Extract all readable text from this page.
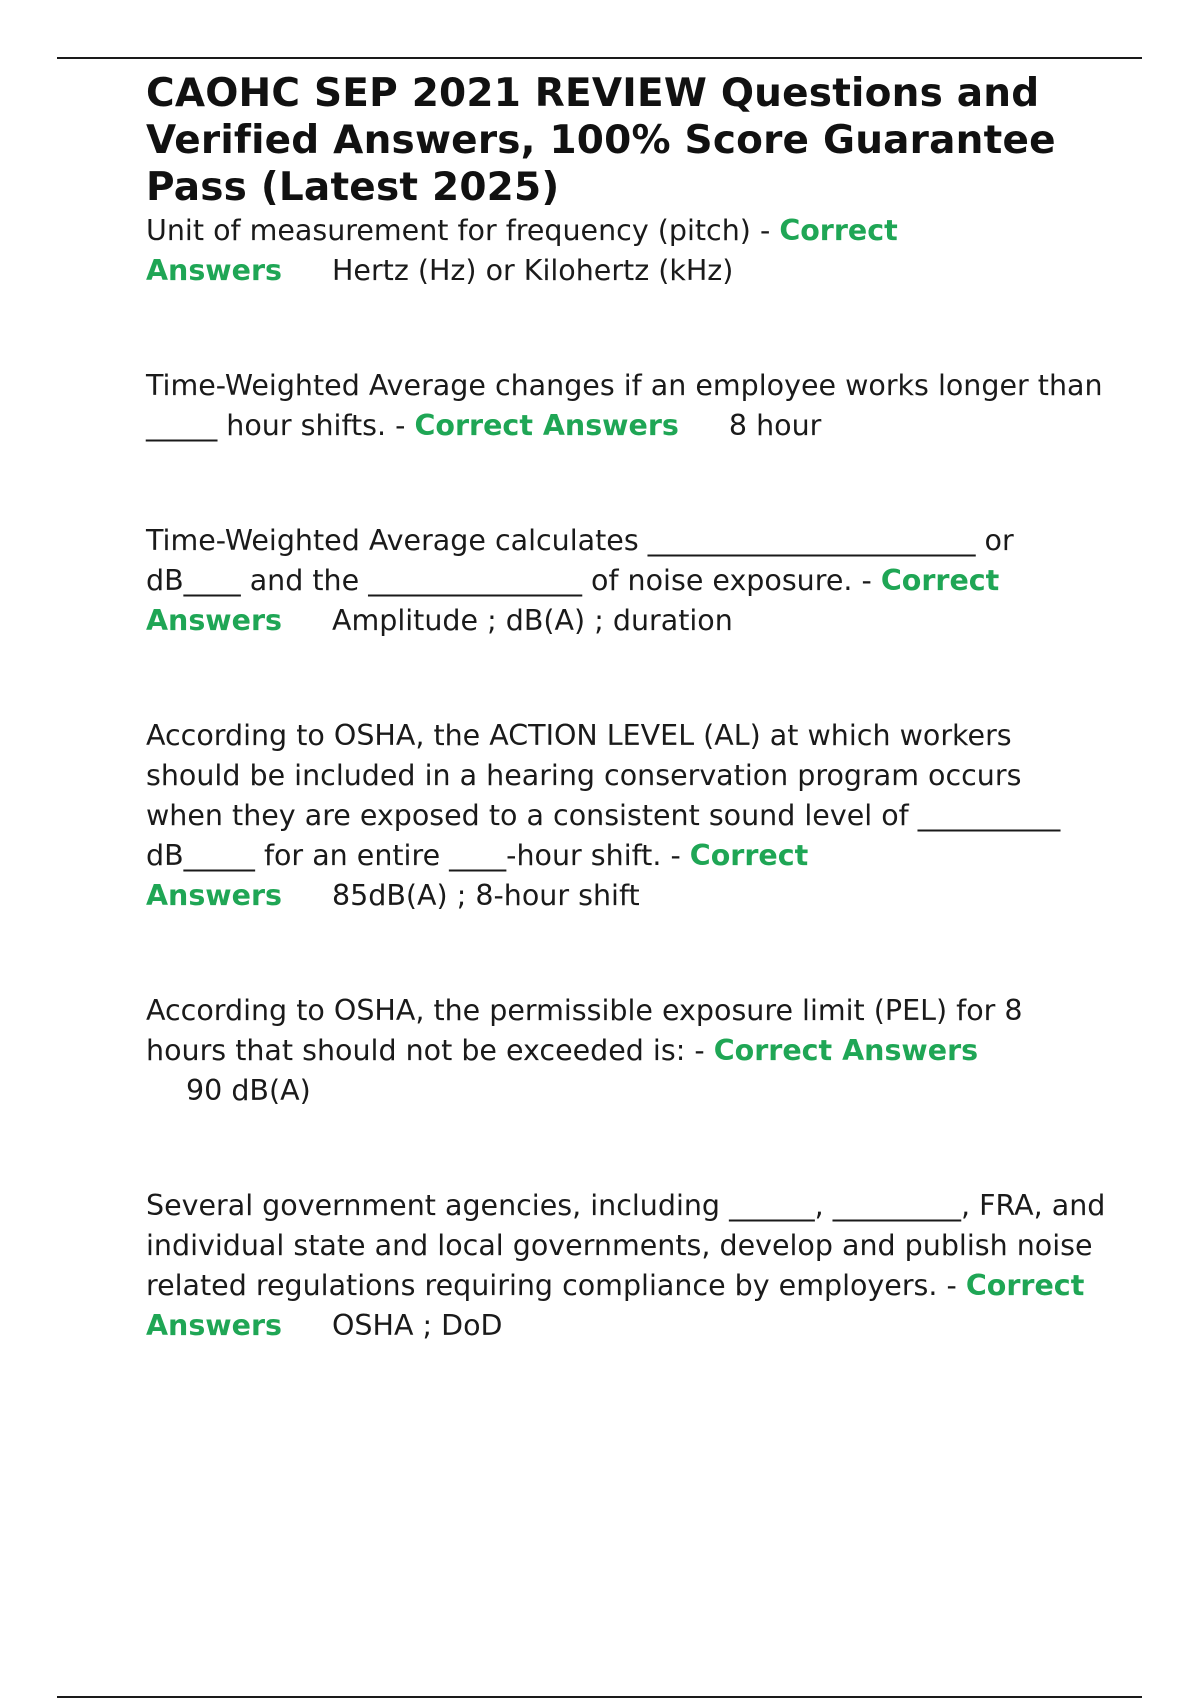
CAOHC SEP 2021 REVIEW Questions and Verified Answers, 100% Score Guarantee Pass (Latest 2025)

Unit of measurement for frequency (pitch) - Correct Answers Hertz (Hz) or Kilohertz (kHz)

Time-Weighted Average changes if an employee works longer than _____ hour shifts. - Correct Answers 8 hour

Time-Weighted Average calculates _______________________ or dB____ and the _______________ of noise exposure. - Correct Answers Amplitude ; dB(A) ; duration

According to OSHA, the ACTION LEVEL (AL) at which workers should be included in a hearing conservation program occurs when they are exposed to a consistent sound level of __________ dB_____ for an entire ____-hour shift. - Correct Answers 85dB(A) ; 8-hour shift

According to OSHA, the permissible exposure limit (PEL) for 8 hours that should not be exceeded is: - Correct Answers
90 dB(A)

Several government agencies, including ______, _________, FRA, and individual state and local governments, develop and publish noise related regulations requiring compliance by employers. - Correct Answers OSHA ; DoD
